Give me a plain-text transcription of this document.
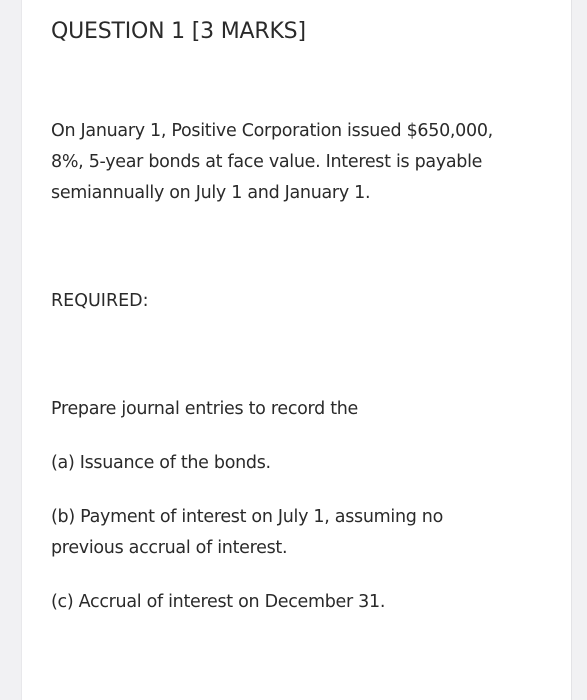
QUESTION 1 [3 MARKS]
On January 1, Positive Corporation issued $650,000, 8%, 5-year bonds at face value. Interest is payable semiannually on July 1 and January 1.
REQUIRED:
Prepare journal entries to record the
(a) Issuance of the bonds.
(b) Payment of interest on July 1, assuming no previous accrual of interest.
(c) Accrual of interest on December 31.
